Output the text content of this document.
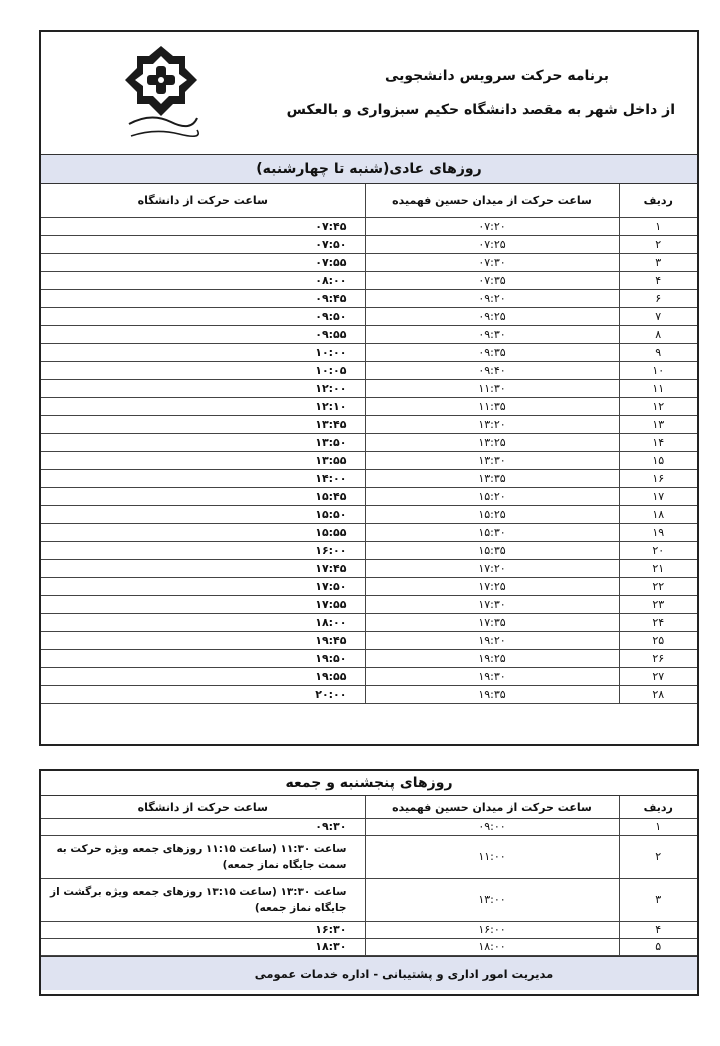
برنامه حرکت سرویس دانشجویی
از داخل شهر به مقصد دانشگاه حکیم سبزواری و بالعکس
روزهای عادی(شنبه تا چهارشنبه)
ردیف	ساعت حرکت از میدان حسین فهمیده	ساعت حرکت از دانشگاه
۱	۰۷:۲۰	۰۷:۴۵
۲	۰۷:۲۵	۰۷:۵۰
۳	۰۷:۳۰	۰۷:۵۵
۴	۰۷:۳۵	۰۸:۰۰
۶	۰۹:۲۰	۰۹:۴۵
۷	۰۹:۲۵	۰۹:۵۰
۸	۰۹:۳۰	۰۹:۵۵
۹	۰۹:۳۵	۱۰:۰۰
۱۰	۰۹:۴۰	۱۰:۰۵
۱۱	۱۱:۳۰	۱۲:۰۰
۱۲	۱۱:۳۵	۱۲:۱۰
۱۳	۱۳:۲۰	۱۳:۴۵
۱۴	۱۳:۲۵	۱۳:۵۰
۱۵	۱۳:۳۰	۱۳:۵۵
۱۶	۱۳:۳۵	۱۴:۰۰
۱۷	۱۵:۲۰	۱۵:۴۵
۱۸	۱۵:۲۵	۱۵:۵۰
۱۹	۱۵:۳۰	۱۵:۵۵
۲۰	۱۵:۳۵	۱۶:۰۰
۲۱	۱۷:۲۰	۱۷:۴۵
۲۲	۱۷:۲۵	۱۷:۵۰
۲۳	۱۷:۳۰	۱۷:۵۵
۲۴	۱۷:۳۵	۱۸:۰۰
۲۵	۱۹:۲۰	۱۹:۴۵
۲۶	۱۹:۲۵	۱۹:۵۰
۲۷	۱۹:۳۰	۱۹:۵۵
۲۸	۱۹:۳۵	۲۰:۰۰
روزهای پنجشنبه و جمعه
ردیف	ساعت حرکت از میدان حسین فهمیده	ساعت حرکت از دانشگاه
۱	۰۹:۰۰	۰۹:۳۰
۲	۱۱:۰۰	ساعت ۱۱:۳۰ (ساعت ۱۱:۱۵ روزهای جمعه ویژه حرکت به سمت جایگاه نماز جمعه)
۳	۱۳:۰۰	ساعت ۱۳:۳۰ (ساعت ۱۳:۱۵ روزهای جمعه ویژه برگشت از جایگاه نماز جمعه)
۴	۱۶:۰۰	۱۶:۳۰
۵	۱۸:۰۰	۱۸:۳۰
مدیریت امور اداری و پشتیبانی - اداره خدمات عمومی
